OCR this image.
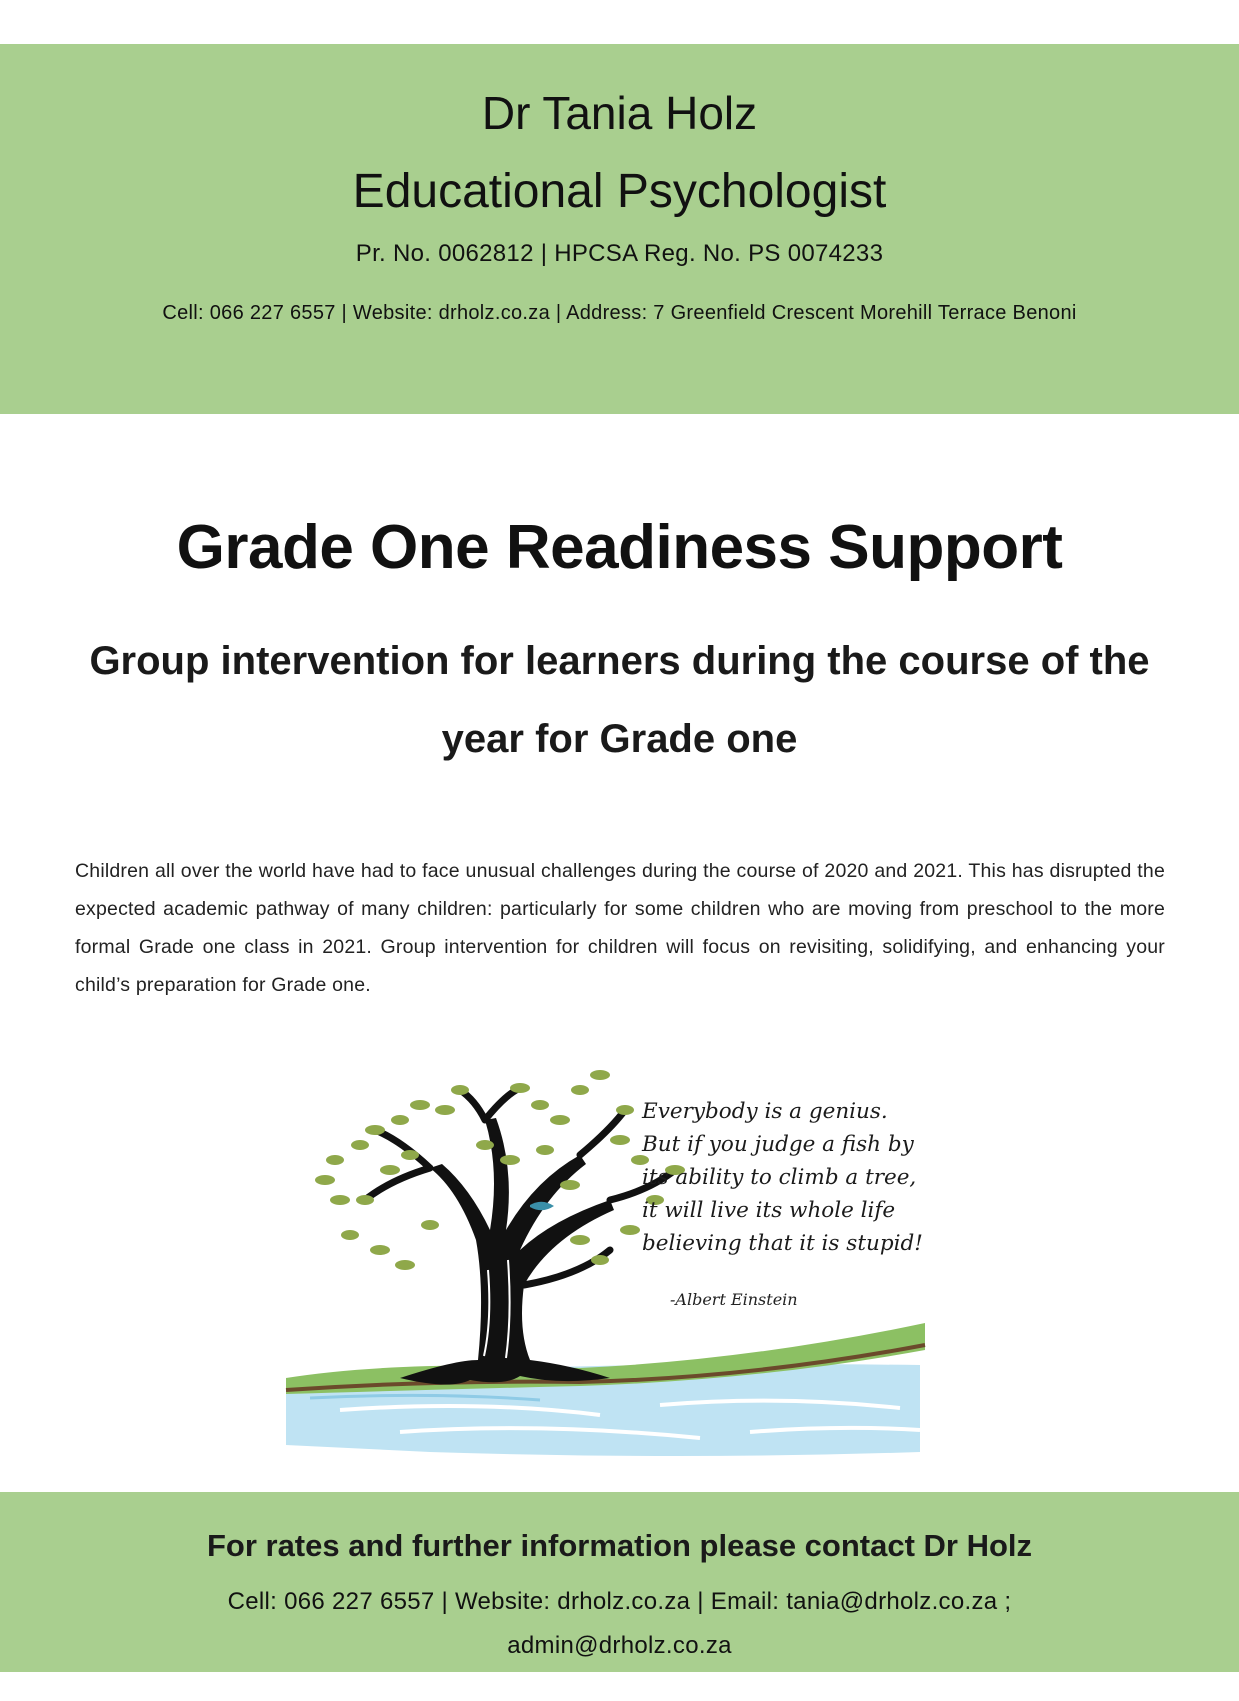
Dr Tania Holz
Educational Psychologist
Pr. No. 0062812 | HPCSA Reg. No. PS 0074233
Cell: 066 227 6557 | Website: drholz.co.za | Address: 7 Greenfield Crescent Morehill Terrace Benoni
Grade One Readiness Support
Group intervention for learners during the course of the year for Grade one
Children all over the world have had to face unusual challenges during the course of 2020 and 2021. This has disrupted the expected academic pathway of many children: particularly for some children who are moving from preschool to the more formal Grade one class in 2021. Group intervention for children will focus on revisiting, solidifying, and enhancing your child’s preparation for Grade one.
Everybody is a genius.
But if you judge a fish by
its ability to climb a tree,
it will live its whole life
believing that it is stupid!
-Albert Einstein
For rates and further information please contact Dr Holz
Cell: 066 227 6557 | Website: drholz.co.za | Email: tania@drholz.co.za ;
admin@drholz.co.za
